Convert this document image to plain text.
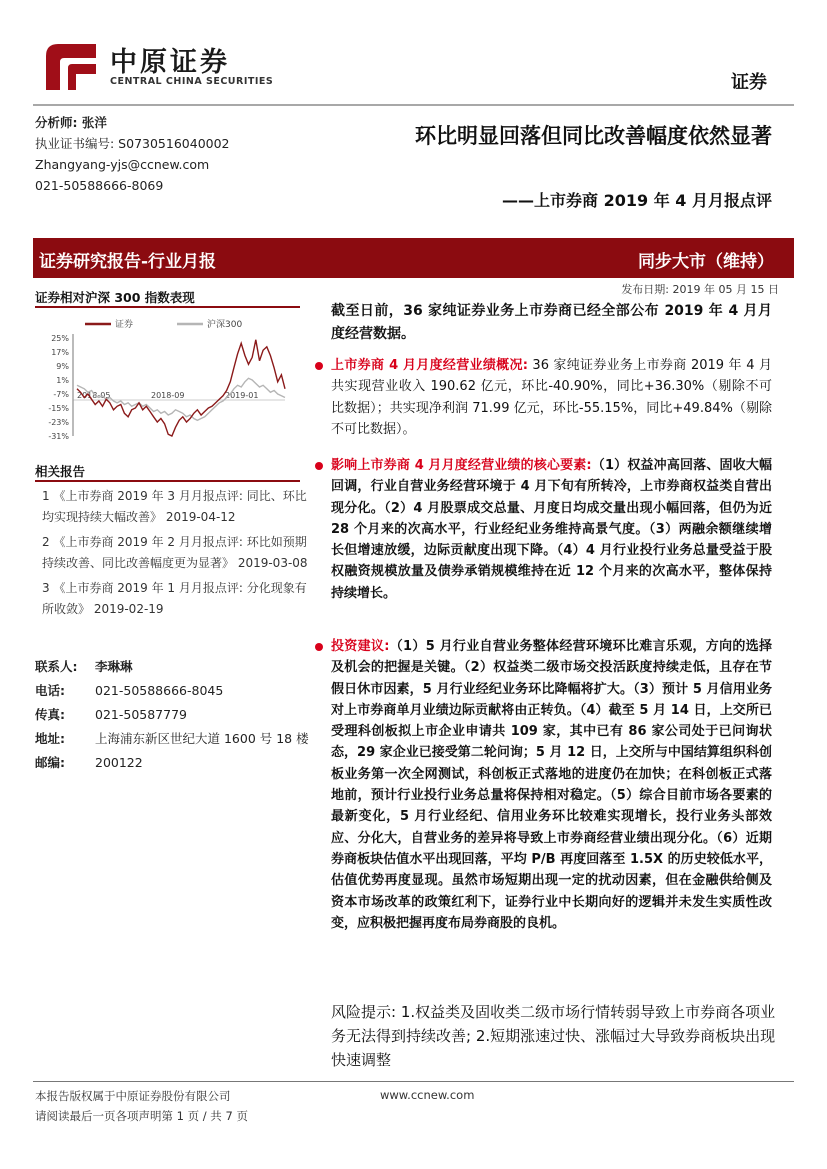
中原证券
CENTRAL CHINA SECURITIES	证券
分析师: 张洋
执业证书编号: S0730516040002
Zhangyang-yjs@ccnew.com
021-50588666-8069
环比明显回落但同比改善幅度依然显著
——上市券商 2019 年 4 月月报点评
证券研究报告-行业月报	同步大市（维持）
发布日期: 2019 年 05 月 15 日
证券相对沪深 300 指数表现
25%
17%
9%
1%
-7%
-15%
-23%
-31%
2018-05	2018-09	2019-01
证券	沪深300
相关报告

1 《上市券商 2019 年 3 月月报点评: 同比、环比均实现持续大幅改善》 2019-04-12

2 《上市券商 2019 年 2 月月报点评: 环比如预期持续改善、同比改善幅度更为显著》 2019-03-08

3 《上市券商 2019 年 1 月月报点评: 分化现象有所收敛》 2019-02-19

联系人: 李琳琳
电话: 021-50588666-8045
传真: 021-50587779
地址: 上海浦东新区世纪大道 1600 号 18 楼
邮编: 200122
截至日前，36 家纯证券业务上市券商已经全部公布 2019 年 4 月月度经营数据。

上市券商 4 月月度经营业绩概况: 36 家纯证券业务上市券商 2019 年 4 月共实现营业收入 190.62 亿元，环比-40.90%，同比+36.30%（剔除不可比数据）；共实现净利润 71.99 亿元，环比-55.15%，同比+49.84%（剔除不可比数据）。

影响上市券商 4 月月度经营业绩的核心要素:（1）权益冲高回落、固收大幅回调，行业自营业务经营环境于 4 月下旬有所转冷，上市券商权益类自营出现分化。（2）4 月股票成交总量、月度日均成交量出现小幅回落，但仍为近 28 个月来的次高水平，行业经纪业务维持高景气度。（3）两融余额继续增长但增速放缓，边际贡献度出现下降。（4）4 月行业投行业务总量受益于股权融资规模放量及债券承销规模维持在近 12 个月来的次高水平，整体保持持续增长。

投资建议:（1）5 月行业自营业务整体经营环境环比难言乐观，方向的选择及机会的把握是关键。（2）权益类二级市场交投活跃度持续走低，且存在节假日休市因素，5 月行业经纪业务环比降幅将扩大。（3）预计 5 月信用业务对上市券商单月业绩边际贡献将由正转负。（4）截至 5 月 14 日，上交所已受理科创板拟上市企业申请共 109 家，其中已有 86 家公司处于已问询状态，29 家企业已接受第二轮问询；5 月 12 日，上交所与中国结算组织科创板业务第一次全网测试，科创板正式落地的进度仍在加快；在科创板正式落地前，预计行业投行业务总量将保持相对稳定。（5）综合目前市场各要素的最新变化，5 月行业经纪、信用业务环比较难实现增长，投行业务头部效应、分化大，自营业务的差异将导致上市券商经营业绩出现分化。（6）近期券商板块估值水平出现回落，平均 P/B 再度回落至 1.5X 的历史较低水平，估值优势再度显现。虽然市场短期出现一定的扰动因素，但在金融供给侧及资本市场改革的政策红利下，证券行业中长期向好的逻辑并未发生实质性改变，应积极把握再度布局券商股的良机。

风险提示: 1.权益类及固收类二级市场行情转弱导致上市券商各项业务无法得到持续改善; 2.短期涨速过快、涨幅过大导致券商板块出现快速调整
本报告版权属于中原证券股份有限公司	www.ccnew.com
请阅读最后一页各项声明第 1 页 / 共 7 页
